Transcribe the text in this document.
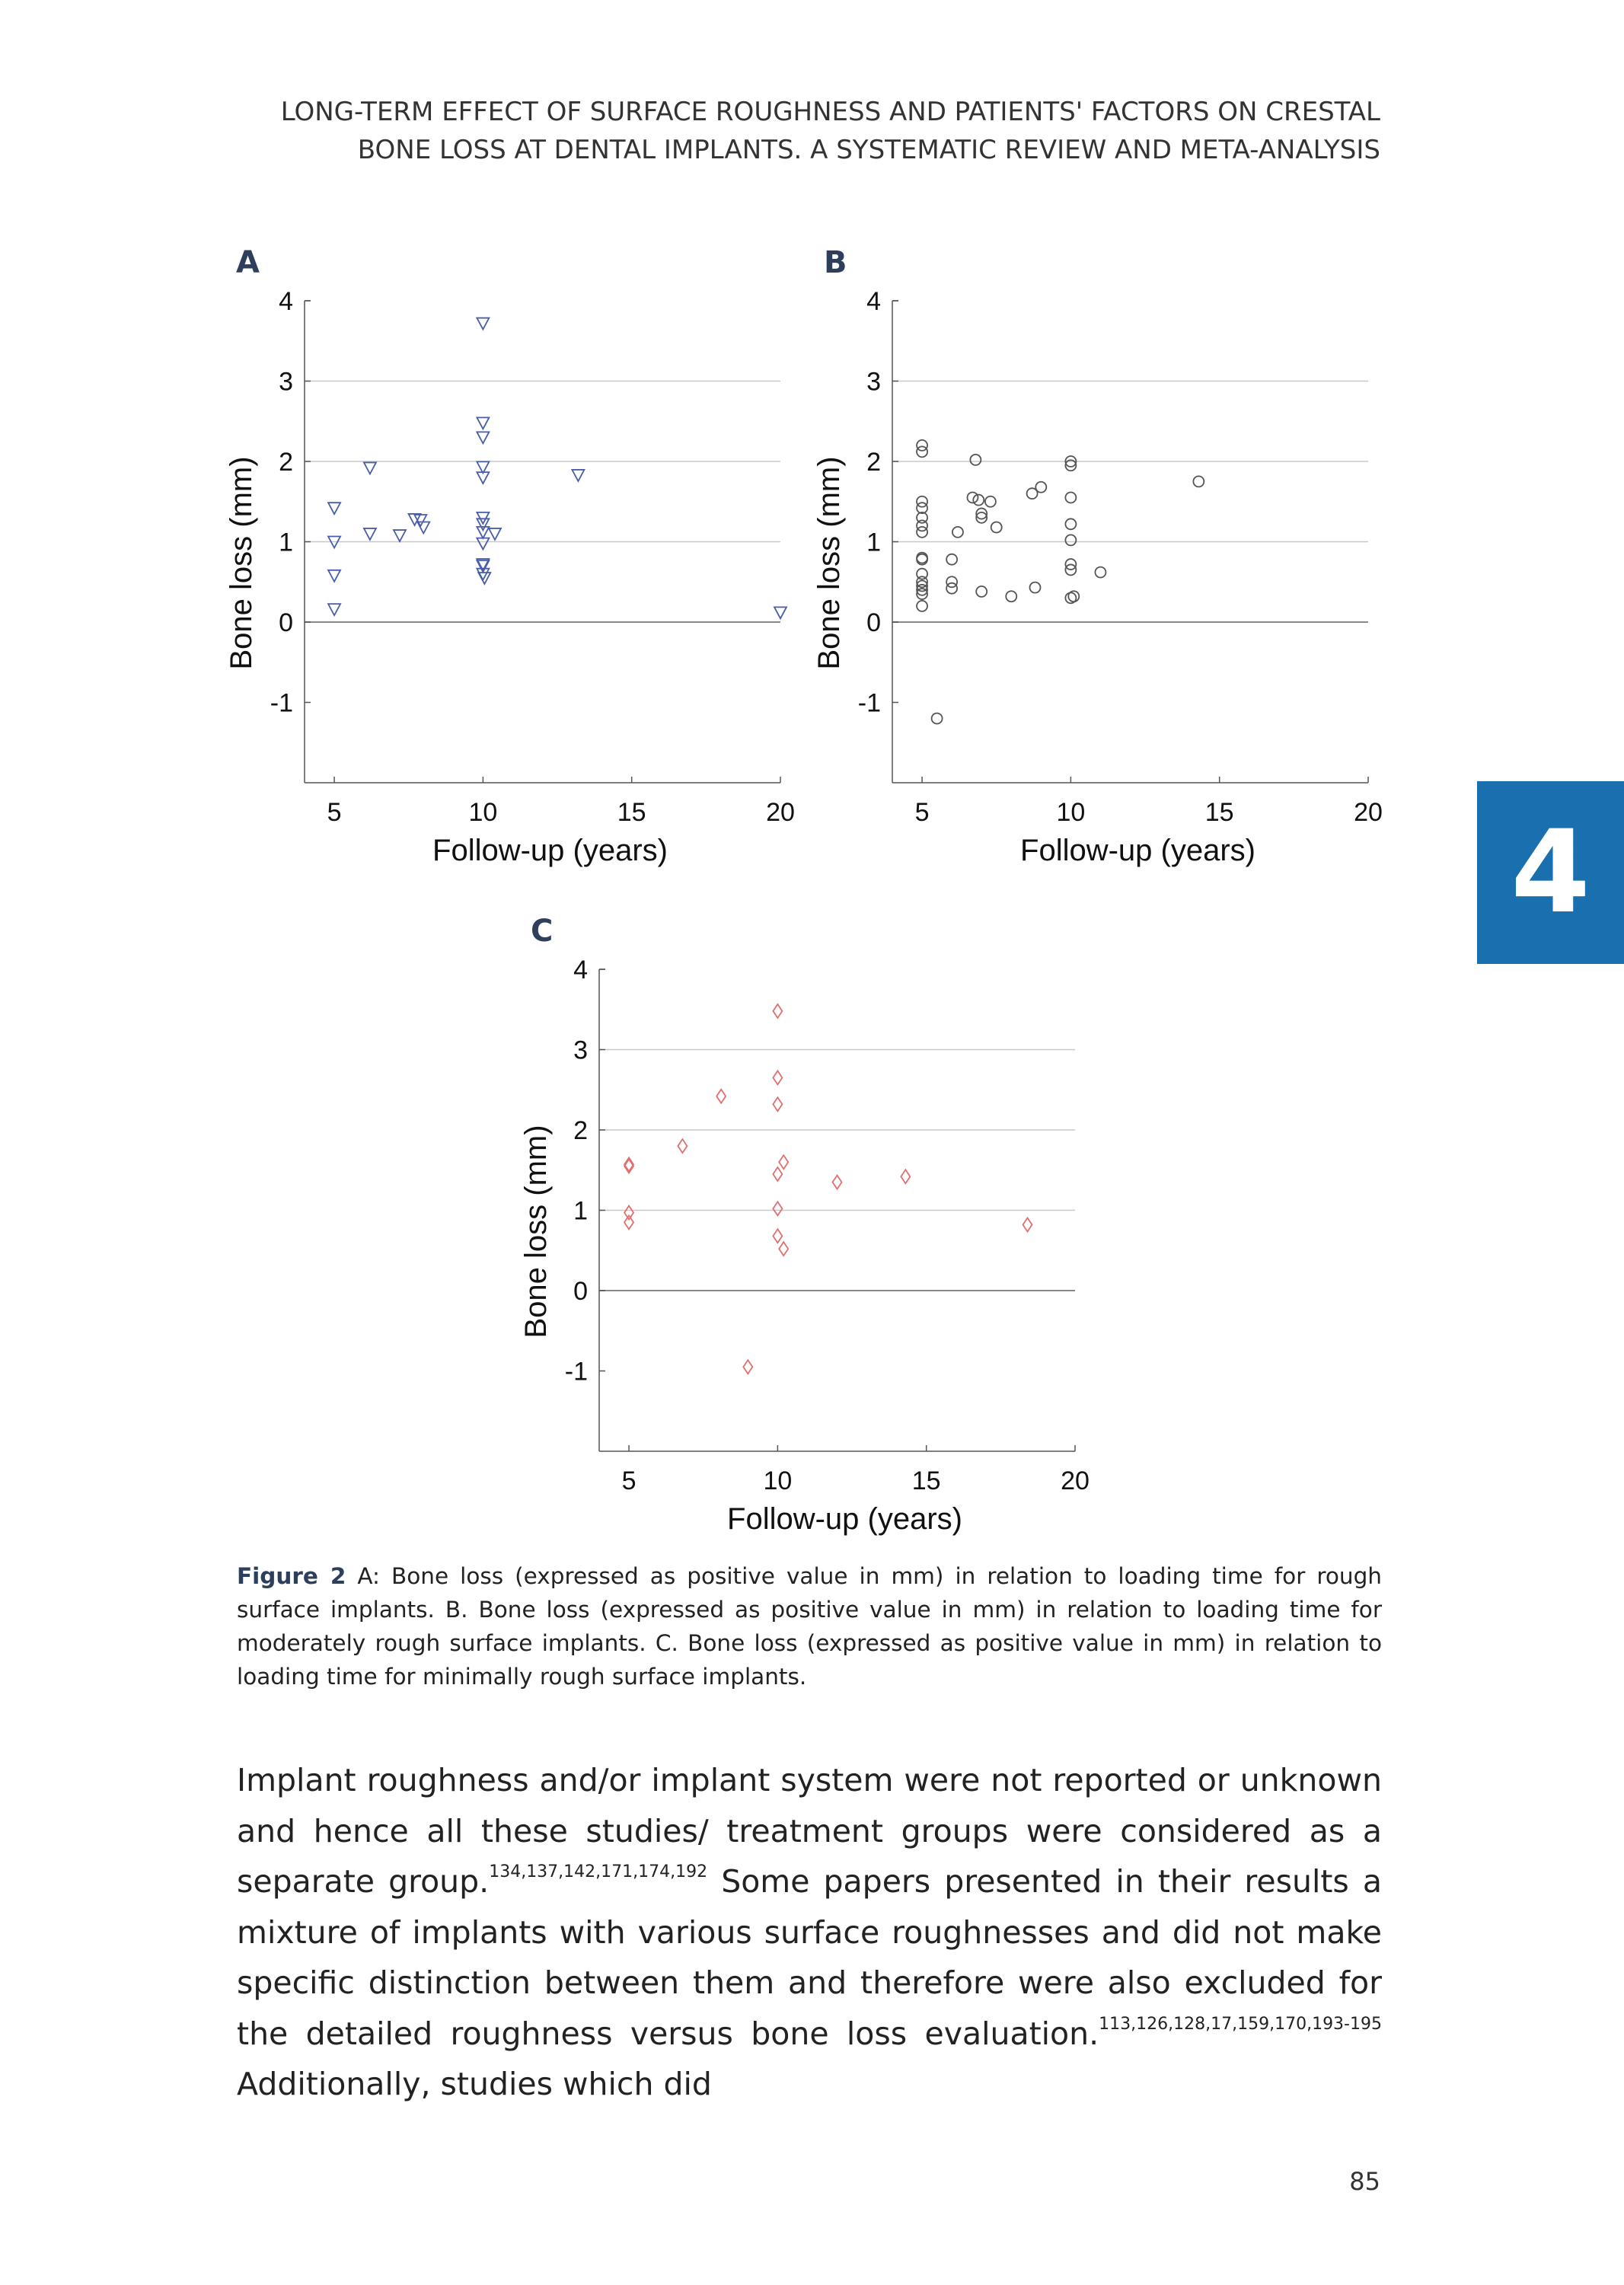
LONG-TERM EFFECT OF SURFACE ROUGHNESS AND PATIENTS' FACTORS ON CRESTAL
BONE LOSS AT DENTAL IMPLANTS. A SYSTEMATIC REVIEW AND META-ANALYSIS
A
-1
0
1
2
3
4
5	10	15	20
Follow-up (years)
Bone loss (mm)
B
-1
0
1
2
3
4
5	10	15	20
Follow-up (years)
Bone loss (mm)
C
-1
0
1
2
3
4
5	10	15	20
Follow-up (years)
Bone loss (mm)
4
Figure 2 A: Bone loss (expressed as positive value in mm) in relation to loading time for rough surface implants. B. Bone loss (expressed as positive value in mm) in relation to loading time for moderately rough surface implants. C. Bone loss (expressed as positive value in mm) in relation to loading time for minimally rough surface implants.
Implant roughness and/or implant system were not reported or unknown and hence all these studies/ treatment groups were considered as a separate group.$^{134,137,142,171,174,192}$ Some papers presented in their results a mixture of implants with various surface roughnesses and did not make specific distinction between them and therefore were also excluded for the detailed roughness versus bone loss evaluation.$^{113,126,128,17,159,170,193-195}$ Additionally, studies which did
85
